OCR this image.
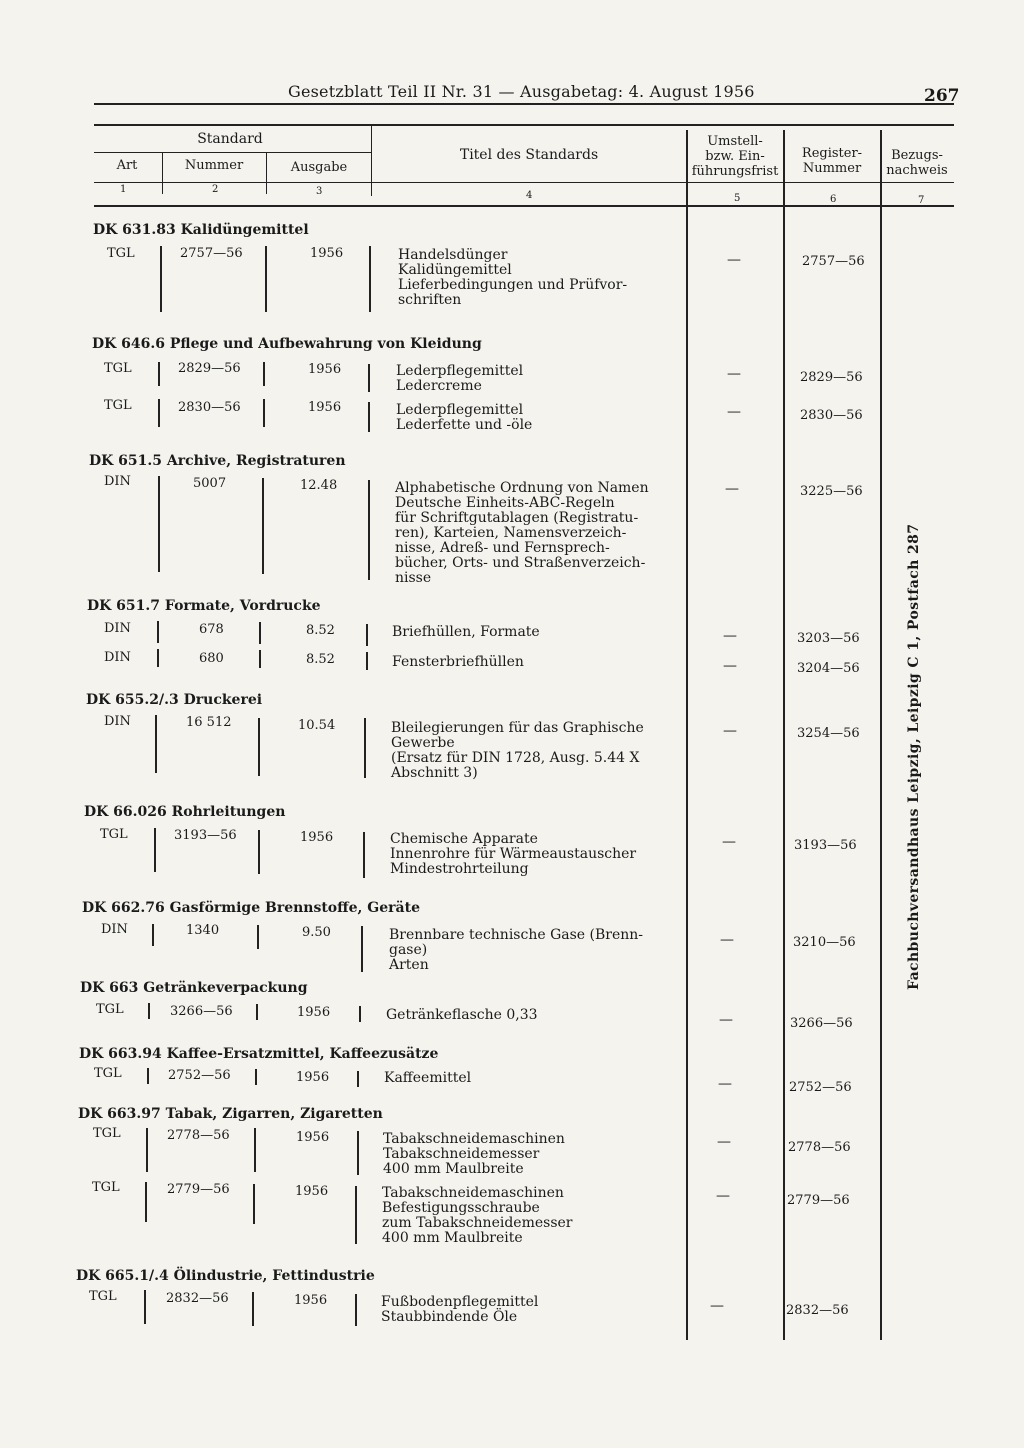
Gesetzblatt Teil II Nr. 31 — Ausgabetag: 4. August 1956	267
Standard
Art	Nummer	Ausgabe
Titel des Standards
Umstell-
bzw. Ein-
führungsfrist
Register-
Nummer
Bezugs-
nachweis
1	2	3	4	5	6	7
DK 631.83 Kalidüngemittel
TGL	2757—56	1956	Handelsdünger
Kalidüngemittel
Lieferbedingungen und Prüfvor-
schriften
—	2757—56
DK 646.6 Pflege und Aufbewahrung von Kleidung
TGL	2829—56	1956	Lederpflegemittel
Ledercreme
—	2829—56
TGL	2830—56	1956	Lederpflegemittel
Lederfette und -öle
—	2830—56
DK 651.5 Archive, Registraturen
DIN	5007	12.48	Alphabetische Ordnung von Namen
Deutsche Einheits-ABC-Regeln
für Schriftgutablagen (Registratu-
ren), Karteien, Namensverzeich-
nisse, Adreß- und Fernsprech-
bücher, Orts- und Straßenverzeich-
nisse
—	3225—56
DK 651.7 Formate, Vordrucke
DIN	678	8.52	Briefhüllen, Formate	—	3203—56
DIN	680	8.52	Fensterbriefhüllen	—	3204—56
DK 655.2/.3 Druckerei
DIN	16 512	10.54	Bleilegierungen für das Graphische
Gewerbe
(Ersatz für DIN 1728, Ausg. 5.44 X
Abschnitt 3)
—	3254—56
DK 66.026 Rohrleitungen
TGL	3193—56	1956	Chemische Apparate
Innenrohre für Wärmeaustauscher
Mindestrohrteilung
—	3193—56
DK 662.76 Gasförmige Brennstoffe, Geräte
DIN	1340	9.50	Brennbare technische Gase (Brenn-
gase)
Arten
—	3210—56
DK 663 Getränkeverpackung
TGL	3266—56	1956	Getränkeflasche 0,33	—	3266—56
DK 663.94 Kaffee-Ersatzmittel, Kaffeezusätze
TGL	2752—56	1956	Kaffeemittel	—	2752—56
DK 663.97 Tabak, Zigarren, Zigaretten
TGL	2778—56	1956	Tabakschneidemaschinen
Tabakschneidemesser
400 mm Maulbreite
—	2778—56
TGL	2779—56	1956	Tabakschneidemaschinen
Befestigungsschraube
zum Tabakschneidemesser
400 mm Maulbreite
—	2779—56
DK 665.1/.4 Ölindustrie, Fettindustrie
TGL	2832—56	1956	Fußbodenpflegemittel
Staubbindende Öle
—	2832—56
Fachbuchversandhaus Leipzig, Leipzig C 1, Postfach 287
